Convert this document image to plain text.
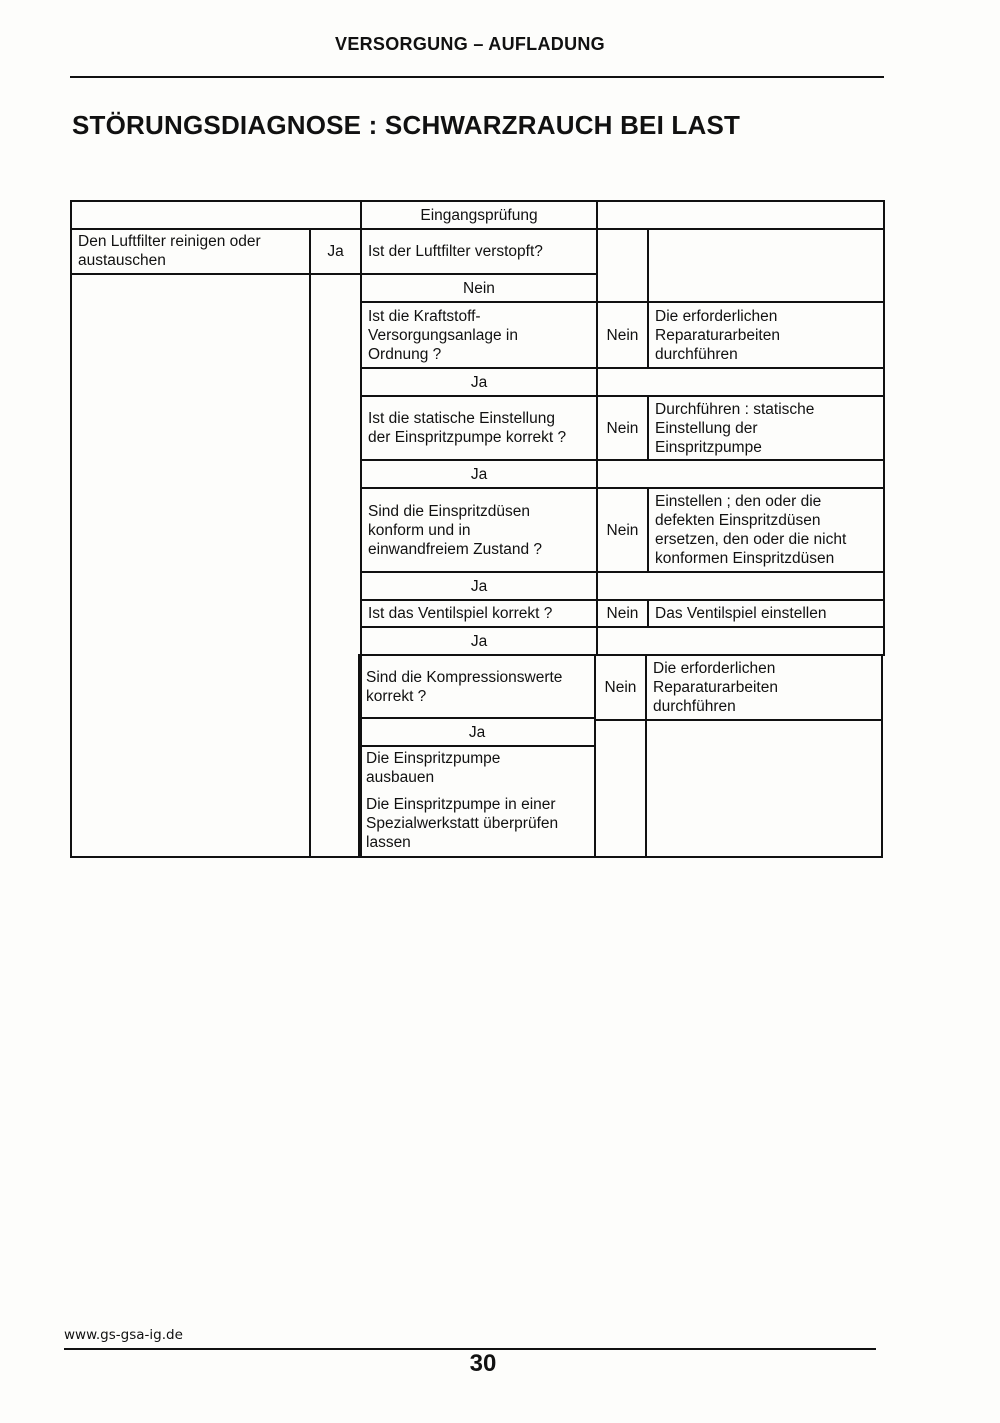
VERSORGUNG – AUFLADUNG
STÖRUNGSDIAGNOSE : SCHWARZRAUCH BEI LAST
Den Luftfilter reinigen oder
austauschen
Ja
Eingangsprüfung
Ist der Luftfilter verstopft?
Nein
Ist die Kraftstoff-
Versorgungsanlage in
Ordnung ?
Ja
Ist die statische Einstellung
der Einspritzpumpe korrekt ?
Ja
Sind die Einspritzdüsen
konform und in
einwandfreiem Zustand ?
Ja
Ist das Ventilspiel korrekt ?
Ja
Sind die Kompressionswerte
korrekt ?
Ja
Die Einspritzpumpe
ausbauen
Die Einspritzpumpe in einer
Spezialwerkstatt überprüfen
lassen
Nein
Die erforderlichen
Reparaturarbeiten
durchführen
Nein
Durchführen : statische
Einstellung der
Einspritzpumpe
Nein
Einstellen ; den oder die
defekten Einspritzdüsen
ersetzen, den oder die nicht
konformen Einspritzdüsen
Nein	Das Ventilspiel einstellen
Nein
Die erforderlichen
Reparaturarbeiten
durchführen
www.gs-gsa-ig.de
30
